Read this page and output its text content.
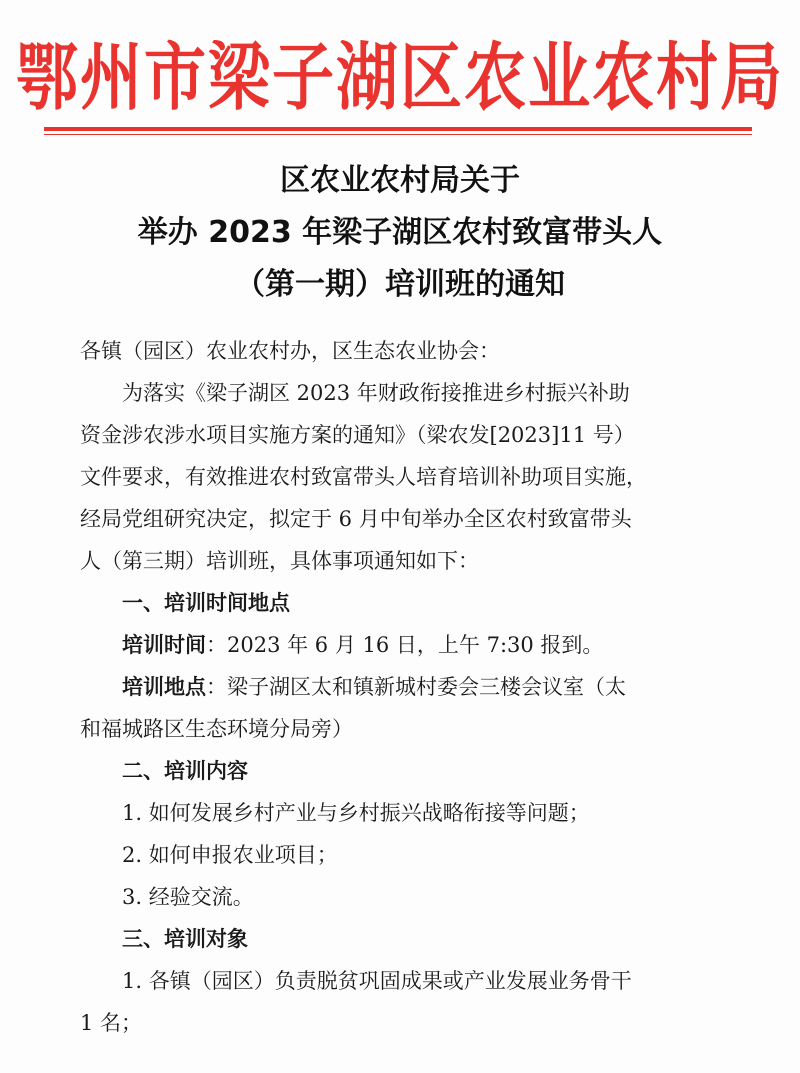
鄂州市梁子湖区农业农村局
区农业农村局关于
举办 2023 年梁子湖区农村致富带头人
（第一期）培训班的通知

各镇（园区）农业农村办，区生态农业协会：

为落实《梁子湖区 2023 年财政衔接推进乡村振兴补助

资金涉农涉水项目实施方案的通知》（梁农发[2023]11 号）

文件要求，有效推进农村致富带头人培育培训补助项目实施，

经局党组研究决定，拟定于 6 月中旬举办全区农村致富带头

人（第三期）培训班，具体事项通知如下：

一、培训时间地点

培训时间：2023 年 6 月 16 日，上午 7:30 报到。

培训地点：梁子湖区太和镇新城村委会三楼会议室（太

和福城路区生态环境分局旁）

二、培训内容

1. 如何发展乡村产业与乡村振兴战略衔接等问题；

2. 如何申报农业项目；

3. 经验交流。

三、培训对象

1. 各镇（园区）负责脱贫巩固成果或产业发展业务骨干

1 名；
